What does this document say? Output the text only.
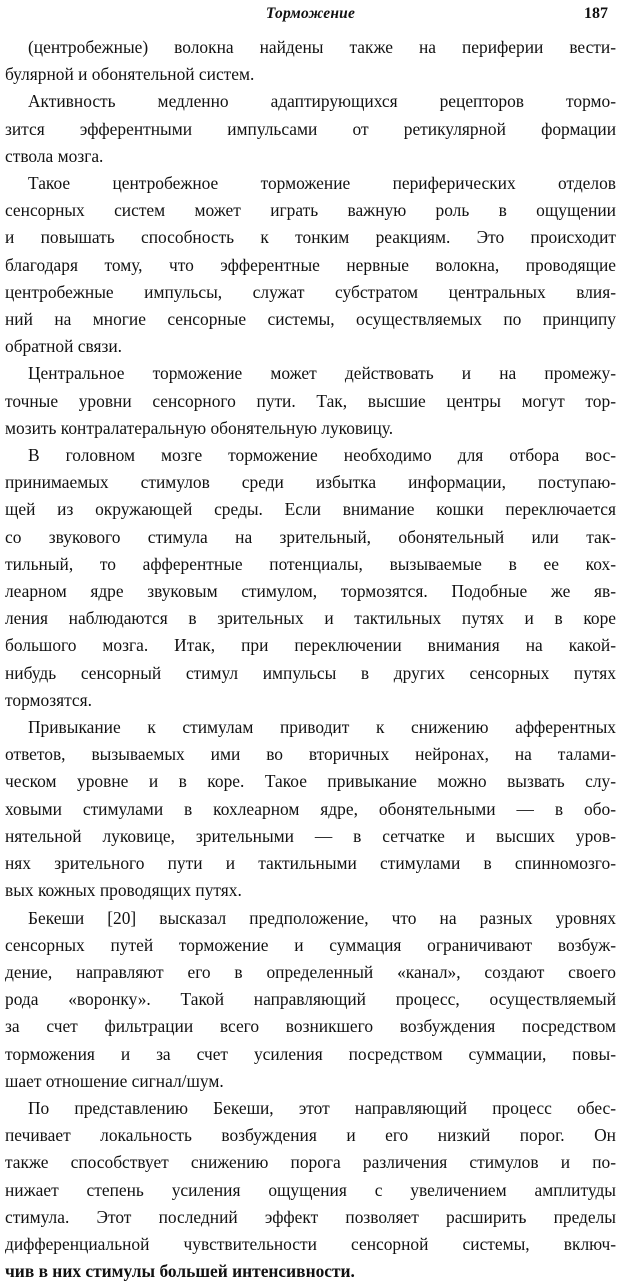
Торможение	187
(центробежные) волокна найдены также на периферии вести-
булярной и обонятельной систем.
Активность медленно адаптирующихся рецепторов тормо-
зится эфферентными импульсами от ретикулярной формации
ствола мозга.
Такое центробежное торможение периферических отделов
сенсорных систем может играть важную роль в ощущении
и повышать способность к тонким реакциям. Это происходит
благодаря тому, что эфферентные нервные волокна, проводящие
центробежные импульсы, служат субстратом центральных влия-
ний на многие сенсорные системы, осуществляемых по принципу
обратной связи.
Центральное торможение может действовать и на промежу-
точные уровни сенсорного пути. Так, высшие центры могут тор-
мозить контралатеральную обонятельную луковицу.
В головном мозге торможение необходимо для отбора вос-
принимаемых стимулов среди избытка информации, поступаю-
щей из окружающей среды. Если внимание кошки переключается
со звукового стимула на зрительный, обонятельный или так-
тильный, то афферентные потенциалы, вызываемые в ее кох-
леарном ядре звуковым стимулом, тормозятся. Подобные же яв-
ления наблюдаются в зрительных и тактильных путях и в коре
большого мозга. Итак, при переключении внимания на какой-
нибудь сенсорный стимул импульсы в других сенсорных путях
тормозятся.
Привыкание к стимулам приводит к снижению афферентных
ответов, вызываемых ими во вторичных нейронах, на талами-
ческом уровне и в коре. Такое привыкание можно вызвать слу-
ховыми стимулами в кохлеарном ядре, обонятельными — в обо-
нятельной луковице, зрительными — в сетчатке и высших уров-
нях зрительного пути и тактильными стимулами в спинномозго-
вых кожных проводящих путях.
Бекеши [20] высказал предположение, что на разных уровнях
сенсорных путей торможение и суммация ограничивают возбуж-
дение, направляют его в определенный «канал», создают своего
рода «воронку». Такой направляющий процесс, осуществляемый
за счет фильтрации всего возникшего возбуждения посредством
торможения и за счет усиления посредством суммации, повы-
шает отношение сигнал/шум.
По представлению Бекеши, этот направляющий процесс обес-
печивает локальность возбуждения и его низкий порог. Он
также способствует снижению порога различения стимулов и по-
нижает степень усиления ощущения с увеличением амплитуды
стимула. Этот последний эффект позволяет расширить пределы
дифференциальной чувствительности сенсорной системы, включ-
чив в них стимулы большей интенсивности.
